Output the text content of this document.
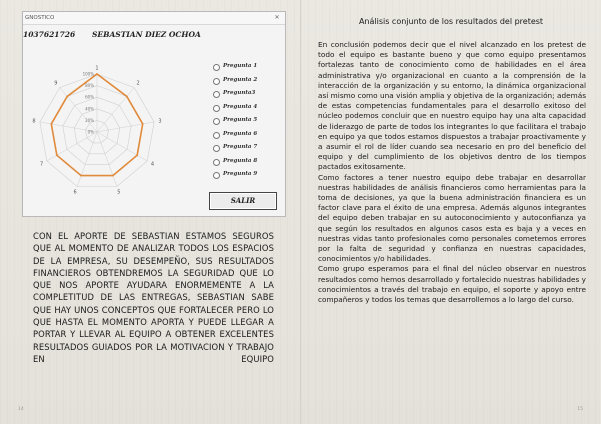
GNOSTICO	✕
1037621726 SEBASTIAN DIEZ OCHOA
0%
20%
40%
60%
80%
100%
1
2
3
4
5
6
7
8
9
Pregunta 1
Pregunta 2
Pregunta3
Pregunta 4
Pregunta 5
Pregunta 6
Pregunta 7
Pregunta 8
Pregunta 9
SALIR
CON EL APORTE DE SEBASTIAN ESTAMOS SEGUROS QUE AL MOMENTO DE ANALIZAR TODOS LOS ESPACIOS DE LA EMPRESA, SU DESEMPEÑO, SUS RESULTADOS FINANCIEROS OBTENDREMOS LA SEGURIDAD QUE LO QUE NOS APORTE AYUDARA ENORMEMENTE A LA COMPLETITUD DE LAS ENTREGAS, SEBASTIAN SABE QUE HAY UNOS CONCEPTOS QUE FORTALECER PERO LO QUE HASTA EL MOMENTO APORTA Y PUEDE LLEGAR A PORTAR Y LLEVAR AL EQUIPO A OBTENER EXCELENTES RESULTADOS GUIADOS POR LA MOTIVACION Y TRABAJO EN EQUIPO
14
Análisis conjunto de los resultados del pretest

En conclusión podemos decir que el nivel alcanzado en los pretest de todo el equipo es bastante bueno y que como equipo presentamos fortalezas tanto de conocimiento como de habilidades en el área administrativa y/o organizacional en cuanto a la comprensión de la interacción de la organización y su entorno, la dinámica organizacional así mismo como una visión amplia y objetiva de la organización; además de estas competencias fundamentales para el desarrollo exitoso del núcleo podemos concluir que en nuestro equipo hay una alta capacidad de liderazgo de parte de todos los integrantes lo que facilitara el trabajo en equipo ya que todos estamos dispuestos a trabajar proactivamente y a asumir el rol de líder cuando sea necesario en pro del beneficio del equipo y del cumplimiento de los objetivos dentro de los tiempos pactados exitosamente.

Como factores a tener nuestro equipo debe trabajar en desarrollar nuestras habilidades de análisis financieros como herramientas para la toma de decisiones, ya que la buena administración financiera es un factor clave para el éxito de una empresa. Además algunos integrantes del equipo deben trabajar en su autoconocimiento y autoconfianza ya que según los resultados en algunos casos esta es baja y a veces en nuestras vidas tanto profesionales como personales cometemos errores por la falta de seguridad y confianza en nuestras capacidades, conocimientos y/o habilidades.

Como grupo esperamos para el final del núcleo observar en nuestros resultados como hemos desarrollado y fortalecido nuestras habilidades y conocimientos a través del trabajo en equipo, el soporte y apoyo entre compañeros y todos los temas que desarrollemos a lo largo del curso.

15
